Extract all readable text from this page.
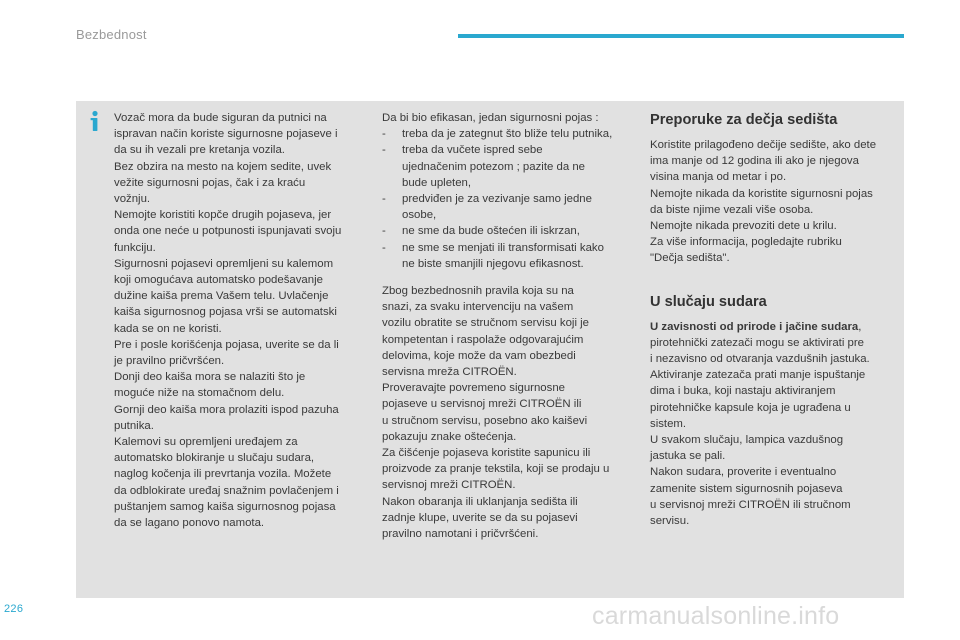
Bezbednost
Vozač mora da bude siguran da putnici na
ispravan način koriste sigurnosne pojaseve i
da su ih vezali pre kretanja vozila.
Bez obzira na mesto na kojem sedite, uvek
vežite sigurnosni pojas, čak i za kraću
vožnju.
Nemojte koristiti kopče drugih pojaseva, jer
onda one neće u potpunosti ispunjavati svoju
funkciju.
Sigurnosni pojasevi opremljeni su kalemom
koji omogućava automatsko podešavanje
dužine kaiša prema Vašem telu. Uvlačenje
kaiša sigurnosnog pojasa vrši se automatski
kada se on ne koristi.
Pre i posle korišćenja pojasa, uverite se da li
je pravilno pričvršćen.
Donji deo kaiša mora se nalaziti što je
moguće niže na stomačnom delu.
Gornji deo kaiša mora prolaziti ispod pazuha
putnika.
Kalemovi su opremljeni uređajem za
automatsko blokiranje u slučaju sudara,
naglog kočenja ili prevrtanja vozila. Možete
da odblokirate uređaj snažnim povlačenjem i
puštanjem samog kaiša sigurnosnog pojasa
da se lagano ponovo namota.
Da bi bio efikasan, jedan sigurnosni pojas :
- treba da je zategnut što bliže telu putnika,
- treba da vučete ispred sebe
ujednačenim potezom ; pazite da ne
bude upleten,
- predviđen je za vezivanje samo jedne
osobe,
- ne sme da bude oštećen ili iskrzan,
- ne sme se menjati ili transformisati kako
ne biste smanjili njegovu efikasnost.
Zbog bezbednosnih pravila koja su na
snazi, za svaku intervenciju na vašem
vozilu obratite se stručnom servisu koji je
kompetentan i raspolaže odgovarajućim
delovima, koje može da vam obezbedi
servisna mreža CITROËN.
Proveravajte povremeno sigurnosne
pojaseve u servisnoj mreži CITROËN ili
u stručnom servisu, posebno ako kaiševi
pokazuju znake oštećenja.
Za čišćenje pojaseva koristite sapunicu ili
proizvode za pranje tekstila, koji se prodaju u
servisnoj mreži CITROËN.
Nakon obaranja ili uklanjanja sedišta ili
zadnje klupe, uverite se da su pojasevi
pravilno namotani i pričvršćeni.
Preporuke za dečja sedišta
Koristite prilagođeno dečije sedište, ako dete
ima manje od 12 godina ili ako je njegova
visina manja od metar i po.
Nemojte nikada da koristite sigurnosni pojas
da biste njime vezali više osoba.
Nemojte nikada prevoziti dete u krilu.
Za više informacija, pogledajte rubriku
"Dečja sedišta".
U slučaju sudara
U zavisnosti od prirode i jačine sudara,
pirotehnički zatezači mogu se aktivirati pre
i nezavisno od otvaranja vazdušnih jastuka.
Aktiviranje zatezača prati manje ispuštanje
dima i buka, koji nastaju aktiviranjem
pirotehničke kapsule koja je ugrađena u
sistem.
U svakom slučaju, lampica vazdušnog
jastuka se pali.
Nakon sudara, proverite i eventualno
zamenite sistem sigurnosnih pojaseva
u servisnoj mreži CITROËN ili stručnom
servisu.
226	carmanualsonline.info
